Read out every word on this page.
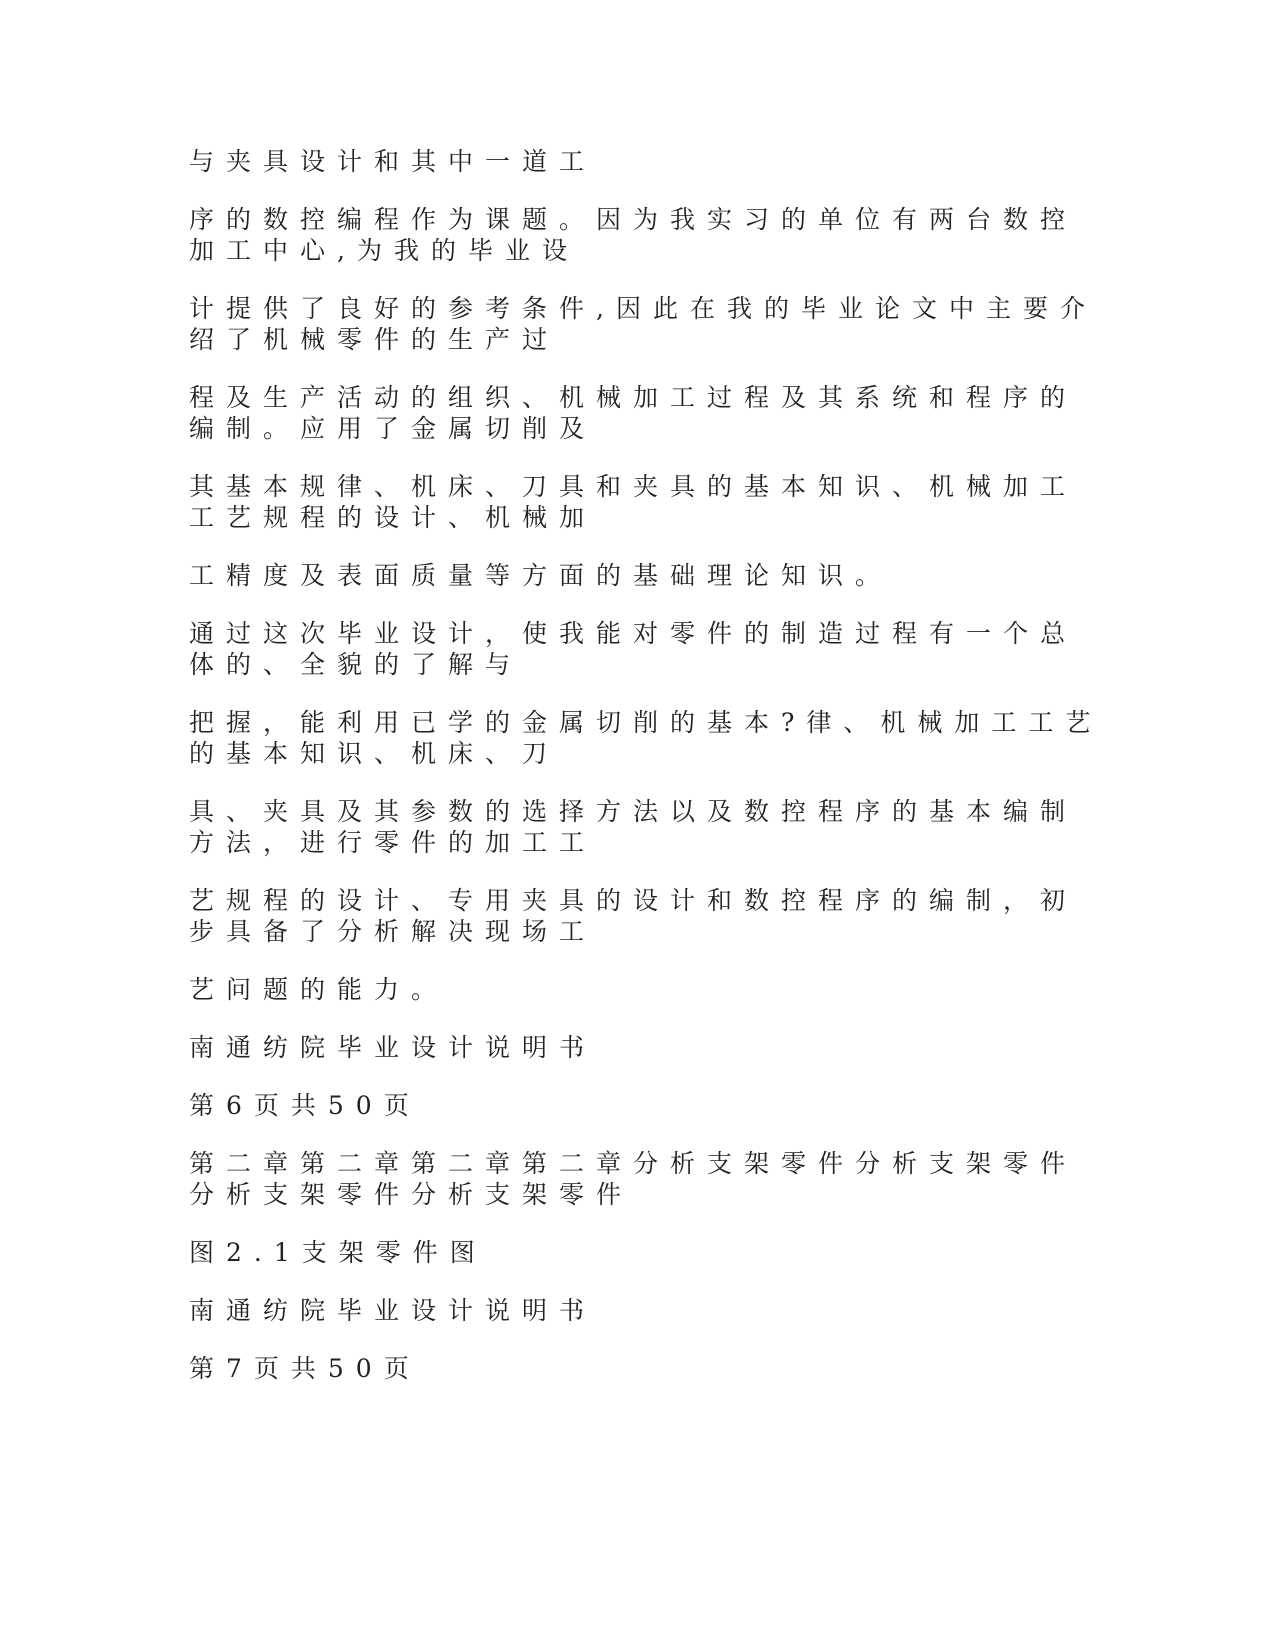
与夹具设计和其中一道工
序的数控编程作为课题。因为我实习的单位有两台数控
加工中心,为我的毕业设
计提供了良好的参考条件,因此在我的毕业论文中主要介
绍了机械零件的生产过
程及生产活动的组织、机械加工过程及其系统和程序的
编制。应用了金属切削及
其基本规律、机床、刀具和夹具的基本知识、机械加工
工艺规程的设计、机械加
工精度及表面质量等方面的基础理论知识。
通过这次毕业设计，使我能对零件的制造过程有一个总
体的、全貌的了解与
把握，能利用已学的金属切削的基本?律、机械加工工艺
的基本知识、机床、刀
具、夹具及其参数的选择方法以及数控程序的基本编制
方法，进行零件的加工工
艺规程的设计、专用夹具的设计和数控程序的编制，初
步具备了分析解决现场工
艺问题的能力。
南通纺院毕业设计说明书
第6页共50页
第二章第二章第二章第二章分析支架零件分析支架零件
分析支架零件分析支架零件
图2.1支架零件图
南通纺院毕业设计说明书
第7页共50页
